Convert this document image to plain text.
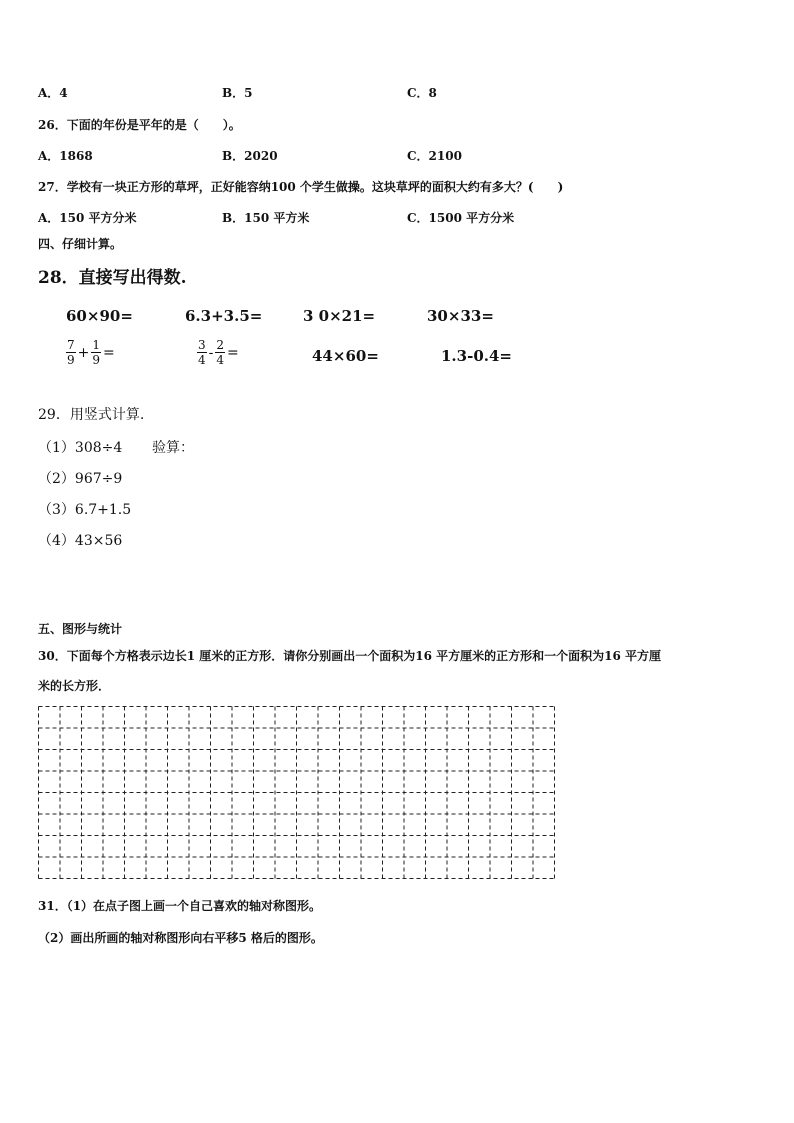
A．4	B．5	C．8
26．下面的年份是平年的是（　　）。
A．1868	B．2020	C．2100
27．学校有一块正方形的草坪，正好能容纳100 个学生做操。这块草坪的面积大约有多大？(　　)
A．150 平方分米	B．150 平方米	C．1500 平方分米
四、仔细计算。
28．直接写出得数.
60×90=	6.3+3.5=	3 0×21=	30×33=
$\frac{7}{9} + \frac{1}{9}$ =	$\frac{3}{4} - \frac{2}{4}$ =	44×60=	1.3-0.4=
29．用竖式计算.
（1）308÷4 验算：
（2）967÷9
（3）6.7+1.5
（4）43×56
五、图形与统计
30．下面每个方格表示边长1 厘米的正方形．请你分别画出一个面积为16 平方厘米的正方形和一个面积为16 平方厘
米的长方形．
31．（1）在点子图上画一个自己喜欢的轴对称图形。
（2）画出所画的轴对称图形向右平移5 格后的图形。
